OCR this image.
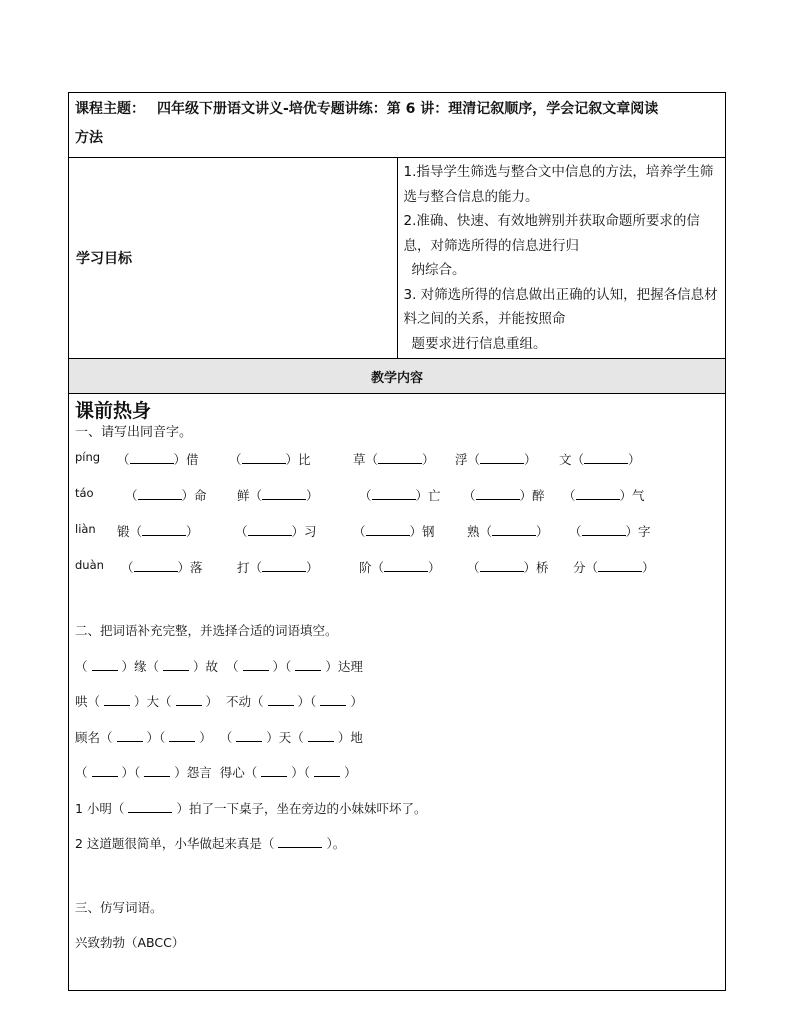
课程主题： 四年级下册语文讲义-培优专题讲练：第 6 讲：理清记叙顺序，学会记叙文章阅读
方法
学习目标	

1.指导学生筛选与整合文中信息的方法，培养学生筛选与整合信息的能力。

2.准确、快速、有效地辨别并获取命题所要求的信息，对筛选所得的信息进行归

纳综合。

3. 对筛选所得的信息做出正确的认知，把握各信息材料之间的关系，并能按照命

题要求进行信息重组。

教学内容

课前热身

一、请写出同音字。

píng （	）借 （	）比	草（	） 浮（	） 文（	）
táo	（	）命 鲜（	）	（	）亡 （	）醉 （	）气
liàn 锻（	）	（	）习	（	）钢	熟（	） （	）字
duàn （	）落	打（	）	阶（	） （	）桥 分（	）

二、把词语补充完整，并选择合适的词语填空。

（	）缘（	）故 （	）（	）达理

哄（	）大（	） 不动（	）（	）

顾名（	）（	） （	）天（	）地

（	）（	）怨言 得心（	）（	）

1 小明（	）拍了一下桌子，坐在旁边的小妹妹吓坏了。

2 这道题很简单，小华做起来真是（	）。

三、仿写词语。

兴致勃勃（ABCC）
